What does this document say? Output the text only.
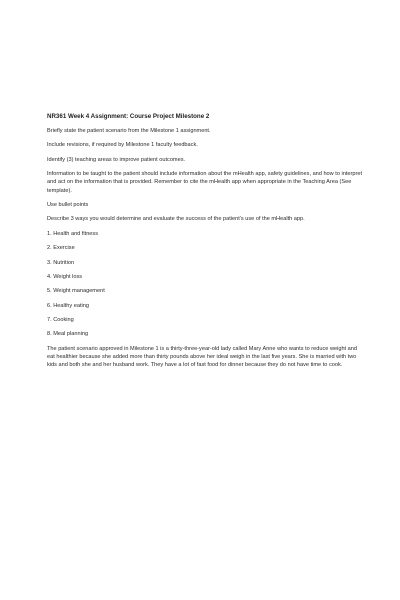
NR361 Week 4 Assignment: Course Project Milestone 2

Briefly state the patient scenario from the Milestone 1 assignment.

Include revisions, if required by Milestone 1 faculty feedback.

Identify (3) teaching areas to improve patient outcomes.

Information to be taught to the patient should include information about the mHealth app, safety guidelines, and how to interpret and act on the information that is provided. Remember to cite the mHealth app when appropriate in the Teaching Area (See template).

Use bullet points

Describe 3 ways you would determine and evaluate the success of the patient’s use of the mHealth app.

1. Health and fitness

2. Exercise

3. Nutrition

4. Weight loss

5. Weight management

6. Healthy eating

7. Cooking

8. Meal planning

The patient scenario approved in Milestone 1 is a thirty-three-year-old lady called Mary Anne who wants to reduce weight and eat healthier because she added more than thirty pounds above her ideal weigh in the last five years. She is married with two kids and both she and her husband work. They have a lot of fast food for dinner because they do not have time to cook.
